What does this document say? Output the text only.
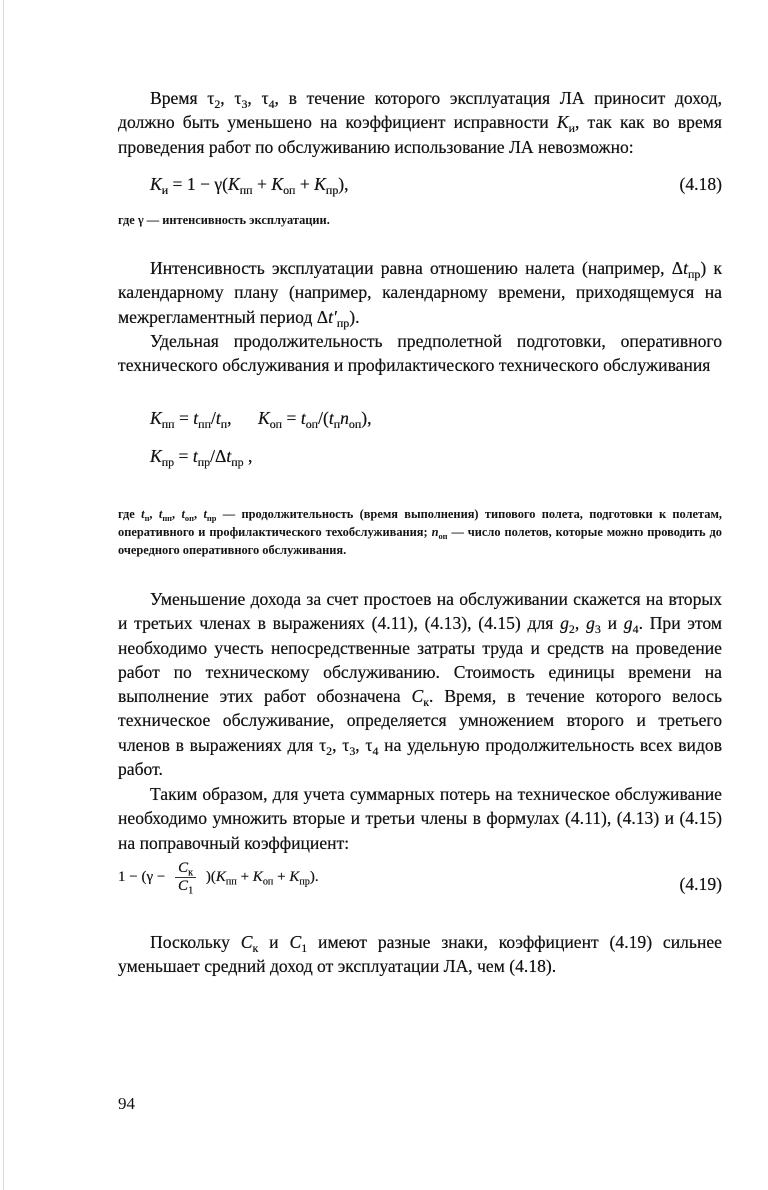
Время $\tau_2$, $\tau_3$, $\tau_4$, в течение которого эксплуатация ЛА приносит доход, должно быть уменьшено на коэффициент исправности $K_и$, так как во время проведения работ по обслуживанию использование ЛА невозможно:
$K_и = 1 - \gamma(K_{пп} + K_{оп} + K_{пр})$,	(4.18)
где γ — интенсивность эксплуатации.
Интенсивность эксплуатации равна отношению налета (например, $\Delta t_{пр}$) к календарному плану (например, календарному времени, приходящемуся на межрегламентный период $\Delta t'_{пр}$).
Удельная продолжительность предполетной подготовки, оперативного технического обслуживания и профилактического технического обслуживания
$K_{пп} = t_{пп}/t_п$,      $K_{оп} = t_{оп}/(t_пn_{оп})$,
$K_{пр} = t_{пр}/\Delta t_{пр}$ ,
где $t_п$, $t_{пп}$, $t_{оп}$, $t_{пр}$ — продолжительность (время выполнения) типового полета, подготовки к полетам, оперативного и профилактического техобслуживания; $n_{оп}$ — число полетов, которые можно проводить до очередного оперативного обслуживания.
Уменьшение дохода за счет простоев на обслуживании скажется на вторых и третьих членах в выражениях (4.11), (4.13), (4.15) для $g_2$, $g_3$ и $g_4$. При этом необходимо учесть непосредственные затраты труда и средств на проведение работ по техническому обслуживанию. Стоимость единицы времени на выполнение этих работ обозначена $C_к$. Время, в течение которого велось техническое обслуживание, определяется умножением второго и третьего членов в выражениях для $\tau_2$, $\tau_3$, $\tau_4$ на удельную продолжительность всех видов работ.
Таким образом, для учета суммарных потерь на техническое обслуживание необходимо умножить вторые и третьи члены в формулах (4.11), (4.13) и (4.15) на поправочный коэффициент:
$1 - (\gamma - \frac{C_к}{C_1} )(K_{пп} + K_{оп} + K_{пр})$.	(4.19)
Поскольку $C_к$ и $C_1$ имеют разные знаки, коэффициент (4.19) сильнее уменьшает средний доход от эксплуатации ЛА, чем (4.18).
94
